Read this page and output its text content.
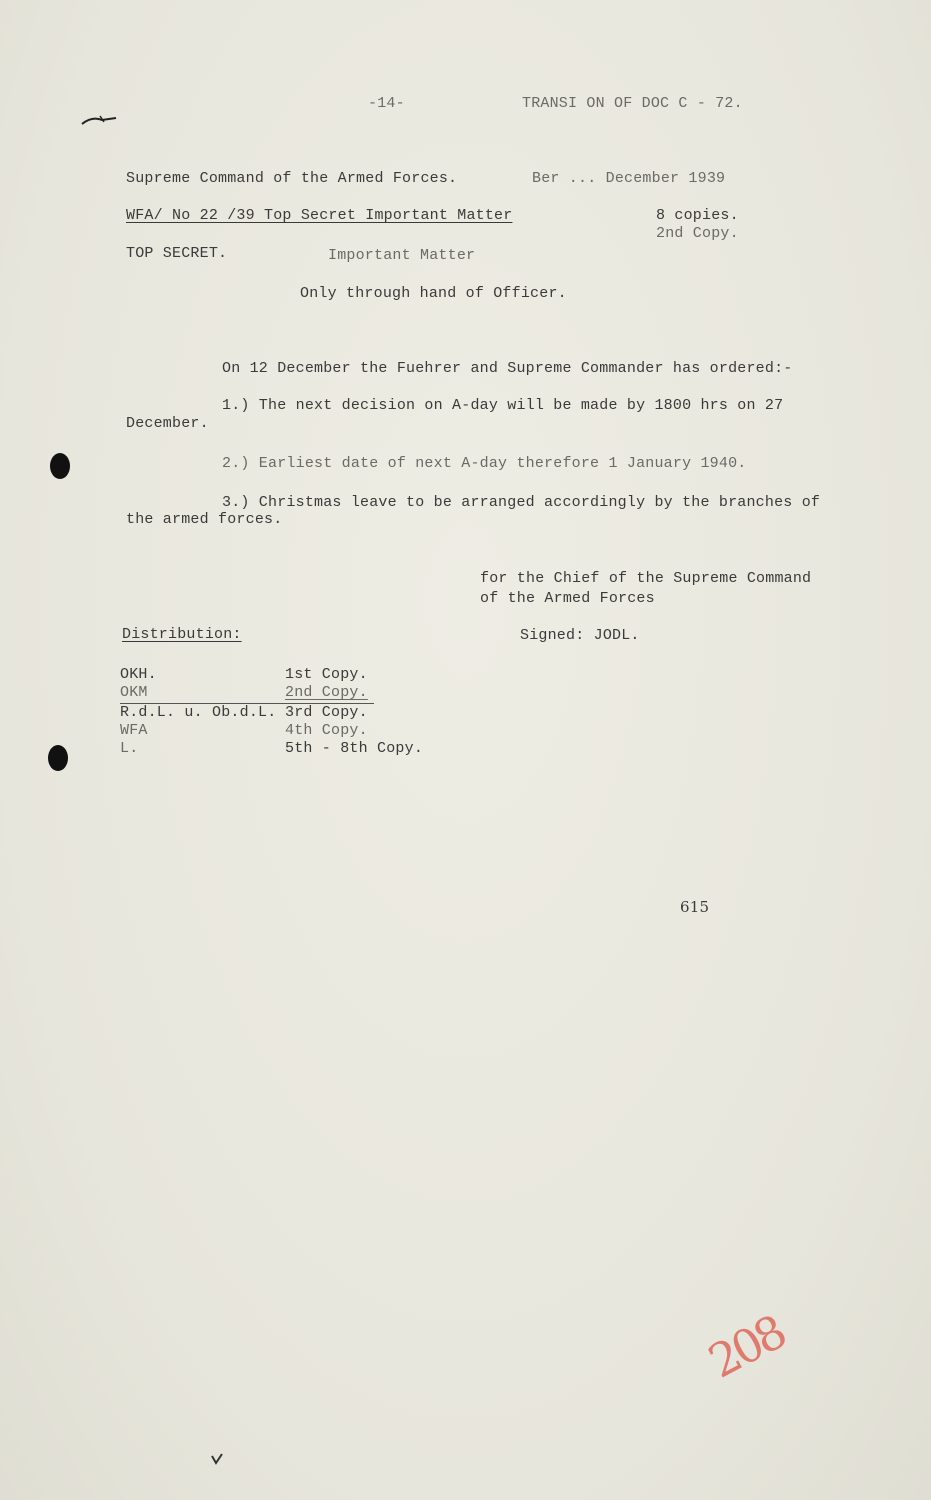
-14-	TRANSI ON OF DOC C - 72.
Supreme Command of the Armed Forces.	Ber ... December 1939
WFA/ No 22 /39 Top Secret Important Matter	8 copies.
2nd Copy.
TOP SECRET.	Important Matter
Only through hand of Officer.
On 12 December the Fuehrer and Supreme Commander has ordered:-
1.) The next decision on A-day will be made by 1800 hrs on 27
December.
2.) Earliest date of next A-day therefore 1 January 1940.
3.) Christmas leave to be arranged accordingly by the branches of
the armed forces.
for the Chief of the Supreme Command
of the Armed Forces
Signed: JODL.
Distribution:
OKH.	1st Copy.
OKM	2nd Copy.
R.d.L. u. Ob.d.L. 3rd Copy.
WFA	4th Copy.
L.	5th - 8th Copy.
615
208
